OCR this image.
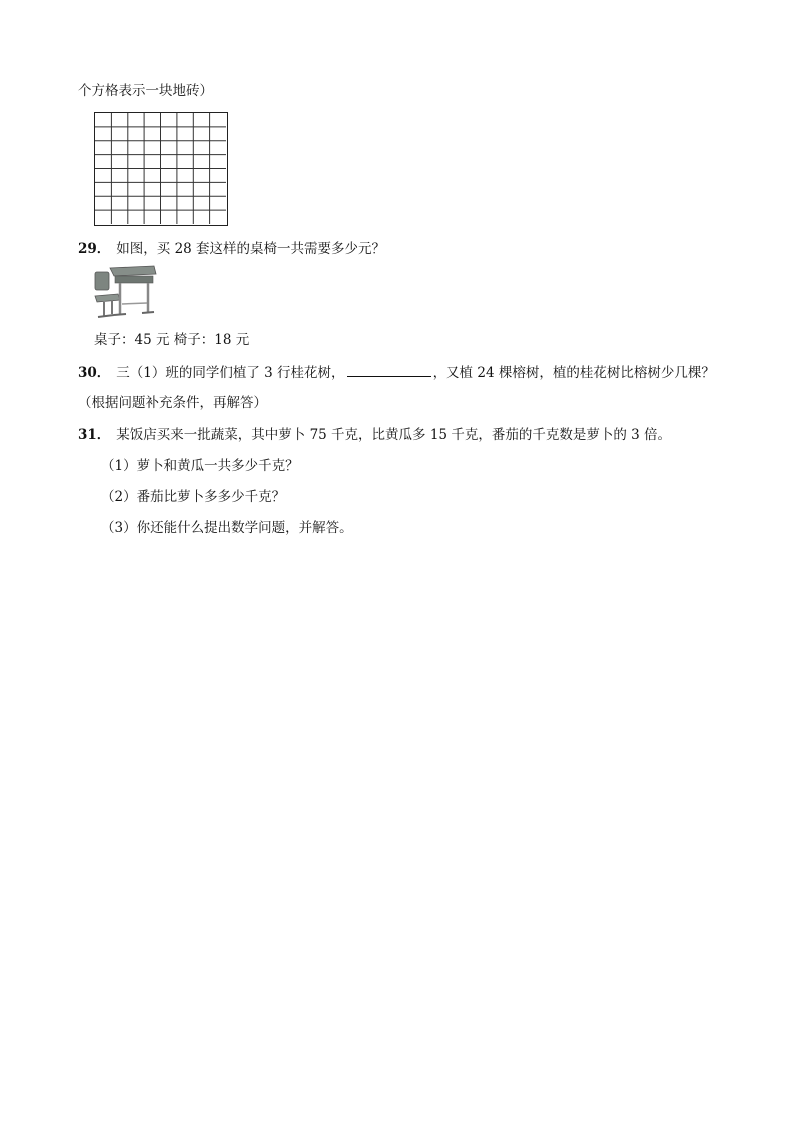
个方格表示一块地砖）
29． 如图，买 28 套这样的桌椅一共需要多少元？
桌子：45 元 椅子：18 元
30． 三（1）班的同学们植了 3 行桂花树，	，又植 24 棵榕树，植的桂花树比榕树少几棵？
（根据问题补充条件，再解答）
31． 某饭店买来一批蔬菜，其中萝卜 75 千克，比黄瓜多 15 千克，番茄的千克数是萝卜的 3 倍。
（1）萝卜和黄瓜一共多少千克？
（2）番茄比萝卜多多少千克？
（3）你还能什么提出数学问题，并解答。
